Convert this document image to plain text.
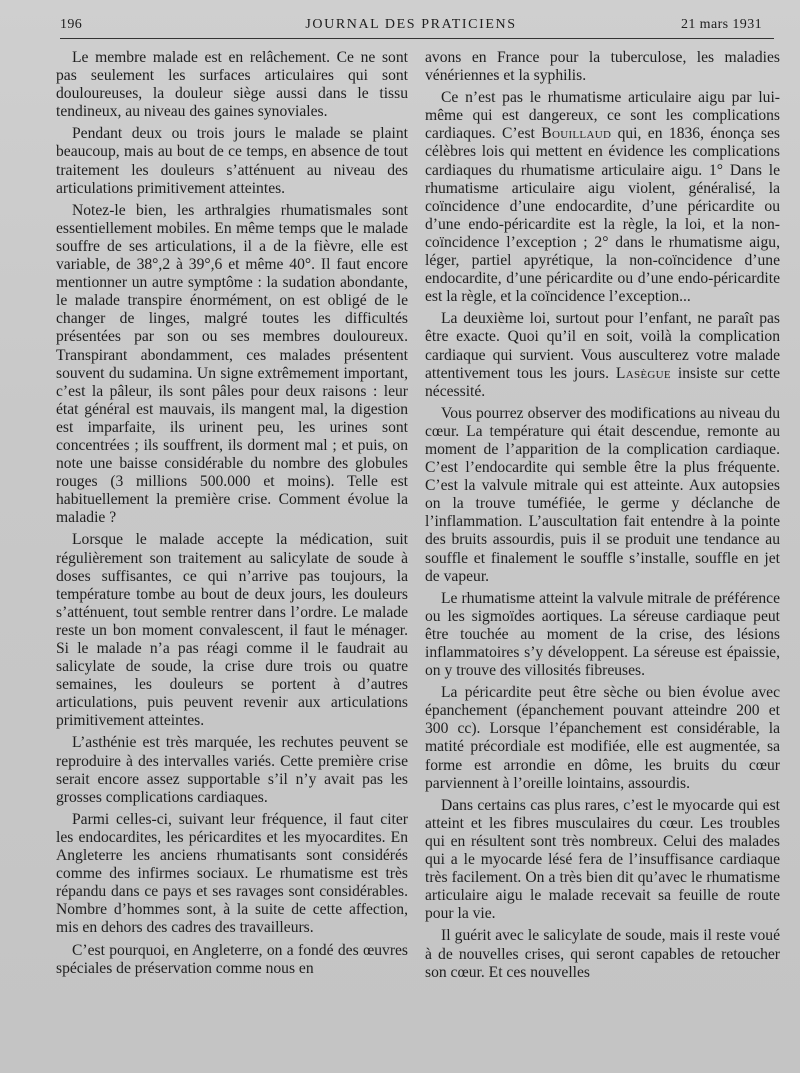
196	JOURNAL DES PRATICIENS	21 mars 1931

Le membre malade est en relâchement. Ce ne sont pas seulement les surfaces articulaires qui sont douloureuses, la douleur siège aussi dans le tissu tendineux, au niveau des gaines synoviales.

Pendant deux ou trois jours le malade se plaint beaucoup, mais au bout de ce temps, en absence de tout traitement les douleurs s’atténuent au niveau des articulations primitivement atteintes.

Notez-le bien, les arthralgies rhumatismales sont essentiellement mobiles. En même temps que le malade souffre de ses articulations, il a de la fièvre, elle est variable, de 38°,2 à 39°,6 et même 40°. Il faut encore mentionner un autre symptôme : la sudation abondante, le malade transpire énormément, on est obligé de le changer de linges, malgré toutes les difficultés présentées par son ou ses membres douloureux. Transpirant abondamment, ces malades présentent souvent du sudamina. Un signe extrêmement important, c’est la pâleur, ils sont pâles pour deux raisons : leur état général est mauvais, ils mangent mal, la digestion est imparfaite, ils urinent peu, les urines sont concentrées ; ils souffrent, ils dorment mal ; et puis, on note une baisse considérable du nombre des globules rouges (3 millions 500.000 et moins). Telle est habituellement la première crise. Comment évolue la maladie ?

Lorsque le malade accepte la médication, suit régulièrement son traitement au salicylate de soude à doses suffisantes, ce qui n’arrive pas toujours, la température tombe au bout de deux jours, les douleurs s’atténuent, tout semble rentrer dans l’ordre. Le malade reste un bon moment convalescent, il faut le ménager. Si le malade n’a pas réagi comme il le faudrait au salicylate de soude, la crise dure trois ou quatre semaines, les douleurs se portent à d’autres articulations, puis peuvent revenir aux articulations primitivement atteintes.

L’asthénie est très marquée, les rechutes peuvent se reproduire à des intervalles variés. Cette première crise serait encore assez supportable s’il n’y avait pas les grosses complications cardiaques.

Parmi celles-ci, suivant leur fréquence, il faut citer les endocardites, les péricardites et les myocardites. En Angleterre les anciens rhumatisants sont considérés comme des infirmes sociaux. Le rhumatisme est très répandu dans ce pays et ses ravages sont considérables. Nombre d’hommes sont, à la suite de cette affection, mis en dehors des cadres des travailleurs.

C’est pourquoi, en Angleterre, on a fondé des œuvres spéciales de préservation comme nous en

avons en France pour la tuberculose, les maladies vénériennes et la syphilis.

Ce n’est pas le rhumatisme articulaire aigu par lui-même qui est dangereux, ce sont les complications cardiaques. C’est Bouillaud qui, en 1836, énonça ses célèbres lois qui mettent en évidence les complications cardiaques du rhumatisme articulaire aigu. 1° Dans le rhumatisme articulaire aigu violent, généralisé, la coïncidence d’une endocardite, d’une péricardite ou d’une endo-péricardite est la règle, la loi, et la non-coïncidence l’exception ; 2° dans le rhumatisme aigu, léger, partiel apyrétique, la non-coïncidence d’une endocardite, d’une péricardite ou d’une endo-péricardite est la règle, et la coïncidence l’exception...

La deuxième loi, surtout pour l’enfant, ne paraît pas être exacte. Quoi qu’il en soit, voilà la complication cardiaque qui survient. Vous ausculterez votre malade attentivement tous les jours. Lasègue insiste sur cette nécessité.

Vous pourrez observer des modifications au niveau du cœur. La température qui était descendue, remonte au moment de l’apparition de la complication cardiaque. C’est l’endocardite qui semble être la plus fréquente. C’est la valvule mitrale qui est atteinte. Aux autopsies on la trouve tuméfiée, le germe y déclanche de l’inflammation. L’auscultation fait entendre à la pointe des bruits assourdis, puis il se produit une tendance au souffle et finalement le souffle s’installe, souffle en jet de vapeur.

Le rhumatisme atteint la valvule mitrale de préférence ou les sigmoïdes aortiques. La séreuse cardiaque peut être touchée au moment de la crise, des lésions inflammatoires s’y développent. La séreuse est épaissie, on y trouve des villosités fibreuses.

La péricardite peut être sèche ou bien évolue avec épanchement (épanchement pouvant atteindre 200 et 300 cc). Lorsque l’épanchement est considérable, la matité précordiale est modifiée, elle est augmentée, sa forme est arrondie en dôme, les bruits du cœur parviennent à l’oreille lointains, assourdis.

Dans certains cas plus rares, c’est le myocarde qui est atteint et les fibres musculaires du cœur. Les troubles qui en résultent sont très nombreux. Celui des malades qui a le myocarde lésé fera de l’insuffisance cardiaque très facilement. On a très bien dit qu’avec le rhumatisme articulaire aigu le malade recevait sa feuille de route pour la vie.

Il guérit avec le salicylate de soude, mais il reste voué à de nouvelles crises, qui seront capables de retoucher son cœur. Et ces nouvelles
